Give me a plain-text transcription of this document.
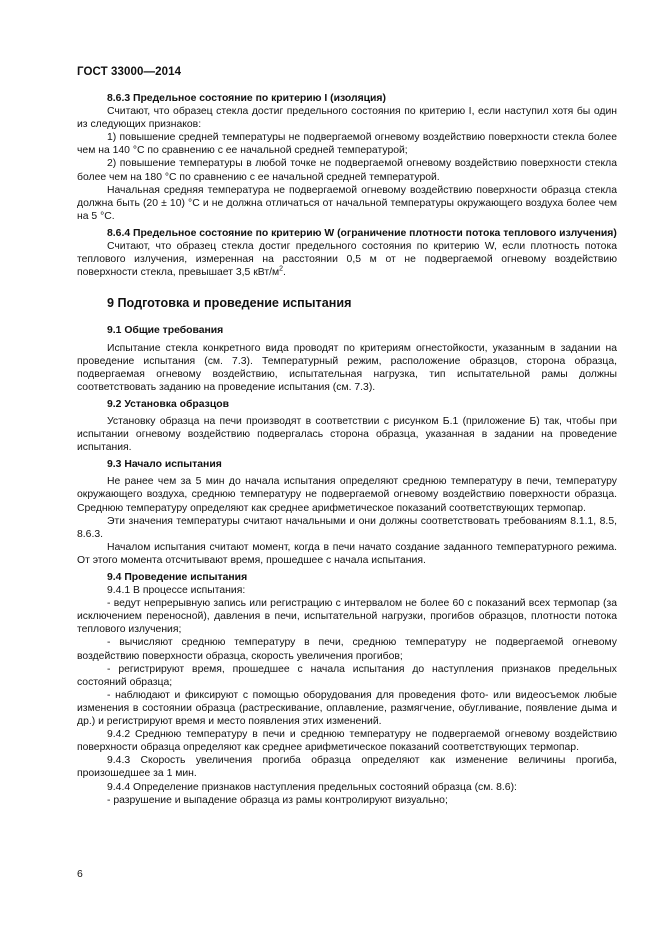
ГОСТ 33000—2014
8.6.3 Предельное состояние по критерию I (изоляция)

Считают, что образец стекла достиг предельного состояния по критерию I, если наступил хотя бы один из следующих признаков:

1) повышение средней температуры не подвергаемой огневому воздействию поверхности стекла более чем на 140 °C по сравнению с ее начальной средней температурой;

2) повышение температуры в любой точке не подвергаемой огневому воздействию поверхности стекла более чем на 180 °C по сравнению с ее начальной средней температурой.

Начальная средняя температура не подвергаемой огневому воздействию поверхности образца стекла должна быть (20 ± 10) °C и не должна отличаться от начальной температуры окружающего воздуха более чем на 5 °C.

8.6.4 Предельное состояние по критерию W (ограничение плотности потока теплового излучения)

Считают, что образец стекла достиг предельного состояния по критерию W, если плотность потока теплового излучения, измеренная на расстоянии 0,5 м от не подвергаемой огневому воздействию поверхности стекла, превышает 3,5 кВт/$м^2$.

9 Подготовка и проведение испытания
9.1 Общие требования

Испытание стекла конкретного вида проводят по критериям огнестойкости, указанным в задании на проведение испытания (см. 7.3). Температурный режим, расположение образцов, сторона образца, подвергаемая огневому воздействию, испытательная нагрузка, тип испытательной рамы должны соответствовать заданию на проведение испытания (см. 7.3).

9.2 Установка образцов

Установку образца на печи производят в соответствии с рисунком Б.1 (приложение Б) так, чтобы при испытании огневому воздействию подвергалась сторона образца, указанная в задании на проведение испытания.

9.3 Начало испытания

Не ранее чем за 5 мин до начала испытания определяют среднюю температуру в печи, температуру окружающего воздуха, среднюю температуру не подвергаемой огневому воздействию поверхности образца. Среднюю температуру определяют как среднее арифметическое показаний соответствующих термопар.

Эти значения температуры считают начальными и они должны соответствовать требованиям 8.1.1, 8.5, 8.6.3.

Началом испытания считают момент, когда в печи начато создание заданного температурного режима. От этого момента отсчитывают время, прошедшее с начала испытания.

9.4 Проведение испытания

9.4.1 В процессе испытания:

- ведут непрерывную запись или регистрацию с интервалом не более 60 с показаний всех термопар (за исключением переносной), давления в печи, испытательной нагрузки, прогибов образцов, плотности потока теплового излучения;

- вычисляют среднюю температуру в печи, среднюю температуру не подвергаемой огневому воздействию поверхности образца, скорость увеличения прогибов;

- регистрируют время, прошедшее с начала испытания до наступления признаков предельных состояний образца;

- наблюдают и фиксируют с помощью оборудования для проведения фото- или видеосъемок любые изменения в состоянии образца (растрескивание, оплавление, размягчение, обугливание, появление дыма и др.) и регистрируют время и место появления этих изменений.

9.4.2 Среднюю температуру в печи и среднюю температуру не подвергаемой огневому воздействию поверхности образца определяют как среднее арифметическое показаний соответствующих термопар.

9.4.3 Скорость увеличения прогиба образца определяют как изменение величины прогиба, произошедшее за 1 мин.

9.4.4 Определение признаков наступления предельных состояний образца (см. 8.6):

- разрушение и выпадение образца из рамы контролируют визуально;

6
